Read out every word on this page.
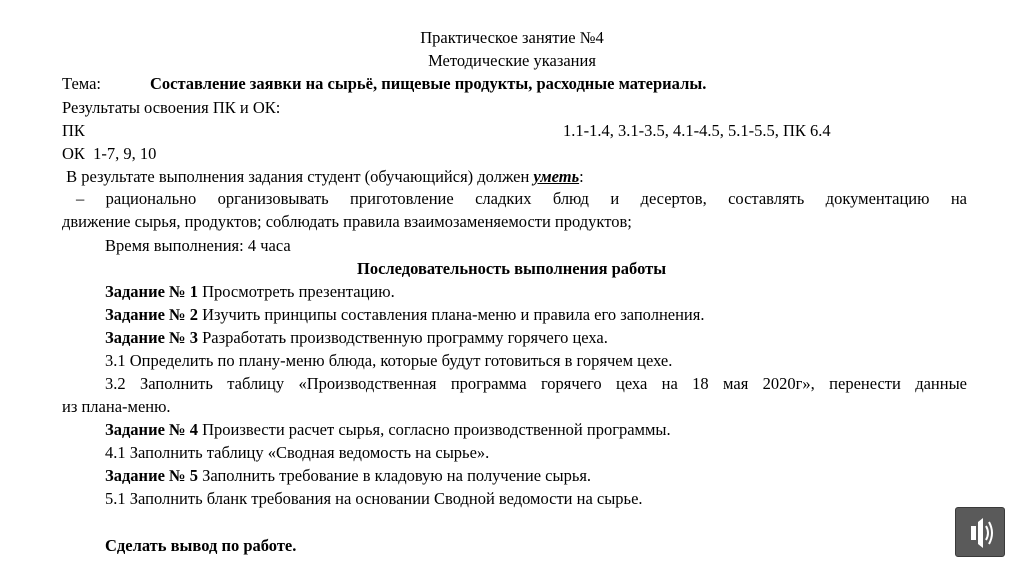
Практическое занятие №4
Методические указания
Тема:	Составление заявки на сырьё, пищевые продукты, расходные материалы.
Результаты освоения ПК и ОК:
ПК	1.1-1.4, 3.1-3.5, 4.1-4.5, 5.1-5.5, ПК 6.4
ОК  1-7, 9, 10
В результате выполнения задания студент (обучающийся) должен уметь:
– рационально организовывать приготовление сладких блюд и десертов, составлять документацию на
движение сырья, продуктов; соблюдать правила взаимозаменяемости продуктов;
Время выполнения: 4 часа
Последовательность выполнения работы
Задание № 1 Просмотреть презентацию.
Задание № 2 Изучить принципы составления плана-меню и правила его заполнения.
Задание № 3 Разработать производственную программу горячего цеха.
3.1 Определить по плану-меню блюда, которые будут готовиться в горячем цехе.
3.2 Заполнить таблицу «Производственная программа горячего цеха на 18 мая 2020г», перенести данные
из плана-меню.
Задание № 4 Произвести расчет сырья, согласно производственной программы.
4.1 Заполнить таблицу «Сводная ведомость на сырье».
Задание № 5 Заполнить требование в кладовую на получение сырья.
5.1 Заполнить бланк требования на основании Сводной ведомости на сырье.
Сделать вывод по работе.
